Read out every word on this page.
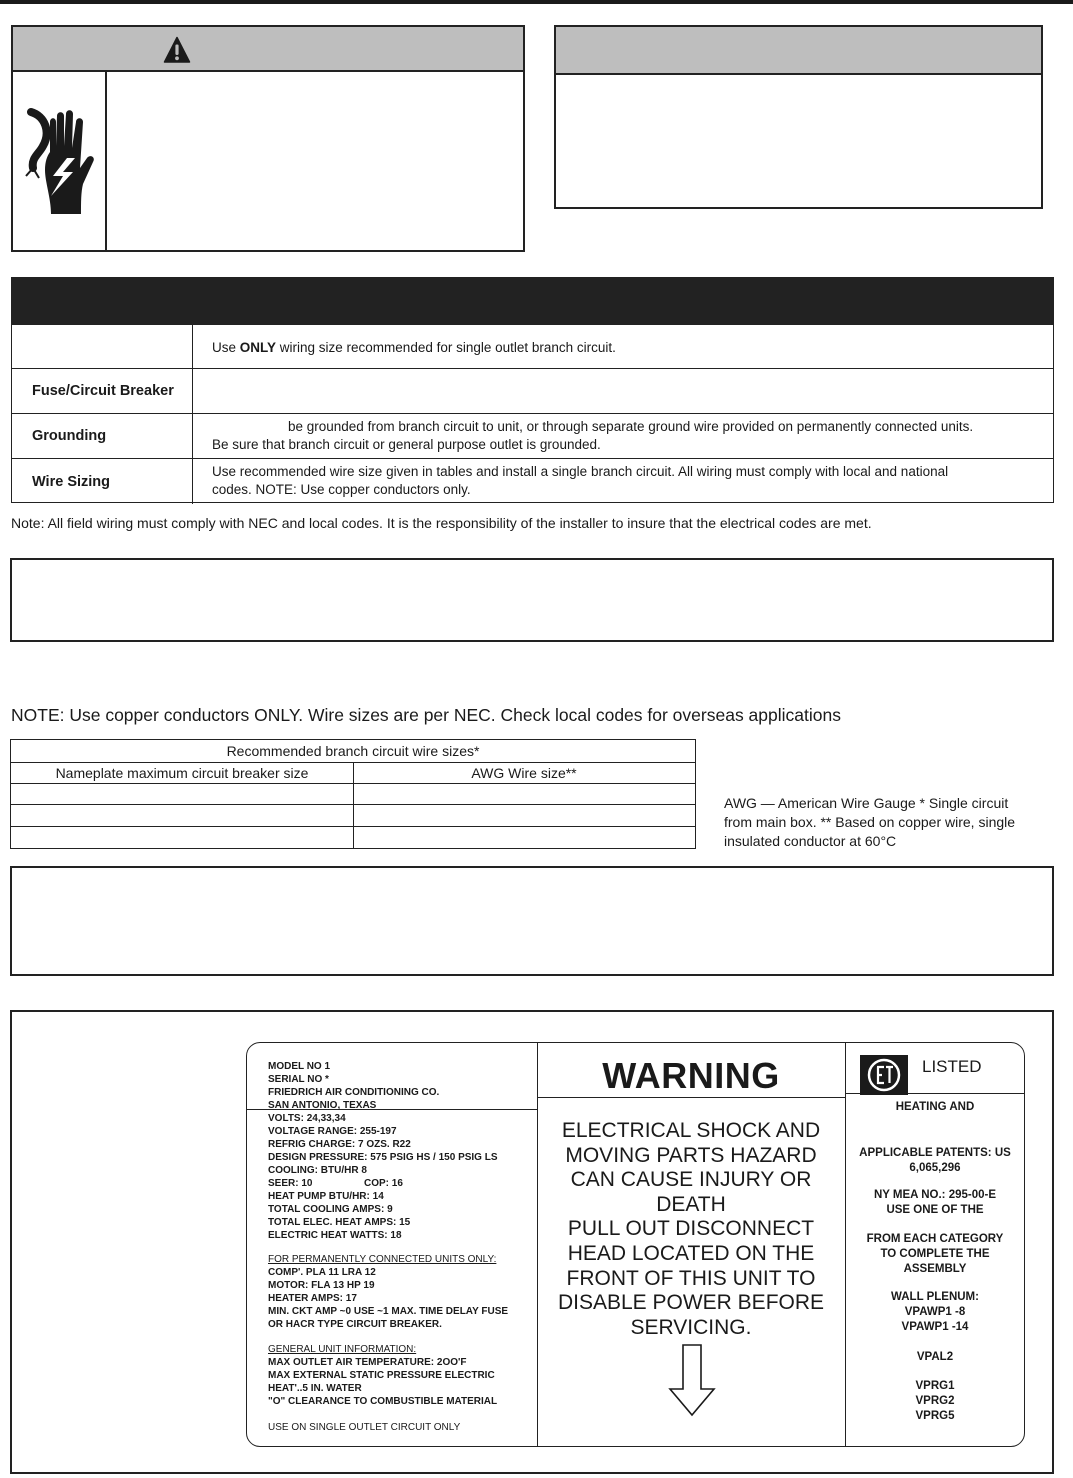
Use ONLY wiring size recommended for single outlet branch circuit.
Fuse/Circuit Breaker
Grounding
be grounded from branch circuit to unit, or through separate ground wire provided on permanently connected units.
Be sure that branch circuit or general purpose outlet is grounded.
Wire Sizing
Use recommended wire size given in tables and install a single branch circuit. All wiring must comply with local and national
codes. NOTE: Use copper conductors only.
Note: All field wiring must comply with NEC and local codes. It is the responsibility of the installer to insure that the electrical codes are met.
NOTE: Use copper conductors ONLY. Wire sizes are per NEC. Check local codes for overseas applications
Recommended branch circuit wire sizes*
Nameplate maximum circuit breaker size	AWG Wire size**
AWG — American Wire Gauge * Single circuit from main box. ** Based on copper wire, single insulated conductor at 60°C
MODEL NO 1
SERIAL NO *
FRIEDRICH AIR CONDITIONING CO.
SAN ANTONIO, TEXAS
VOLTS: 24,33,34
VOLTAGE RANGE: 255-197
REFRIG CHARGE: 7 OZS. R22
DESIGN PRESSURE: 575 PSIG HS / 150 PSIG LS
COOLING: BTU/HR 8
SEER: 10	COP: 16
HEAT PUMP BTU/HR: 14
TOTAL COOLING AMPS: 9
TOTAL ELEC. HEAT AMPS: 15
ELECTRIC HEAT WATTS: 18
FOR PERMANENTLY CONNECTED UNITS ONLY:
COMP'. PLA 11 LRA 12
MOTOR: FLA 13 HP 19
HEATER AMPS: 17
MIN. CKT AMP ~0 USE ~1 MAX. TIME DELAY FUSE
OR HACR TYPE CIRCUIT BREAKER.
GENERAL UNIT INFORMATION:
MAX OUTLET AIR TEMPERATURE: 2OO'F
MAX EXTERNAL STATIC PRESSURE ELECTRIC
HEAT'..5 IN. WATER
"O" CLEARANCE TO COMBUSTIBLE MATERIAL
USE ON SINGLE OUTLET CIRCUIT ONLY
WARNING
ELECTRICAL SHOCK AND
MOVING PARTS HAZARD
CAN CAUSE INJURY OR
DEATH
PULL OUT DISCONNECT
HEAD LOCATED ON THE
FRONT OF THIS UNIT TO
DISABLE POWER BEFORE
SERVICING.
LISTED
HEATING AND
APPLICABLE PATENTS: US
6,065,296
NY MEA NO.: 295-00-E
USE ONE OF THE
FROM EACH CATEGORY
TO COMPLETE THE
ASSEMBLY
WALL PLENUM:
VPAWP1 -8
VPAWP1 -14
VPAL2
VPRG1
VPRG2
VPRG5
